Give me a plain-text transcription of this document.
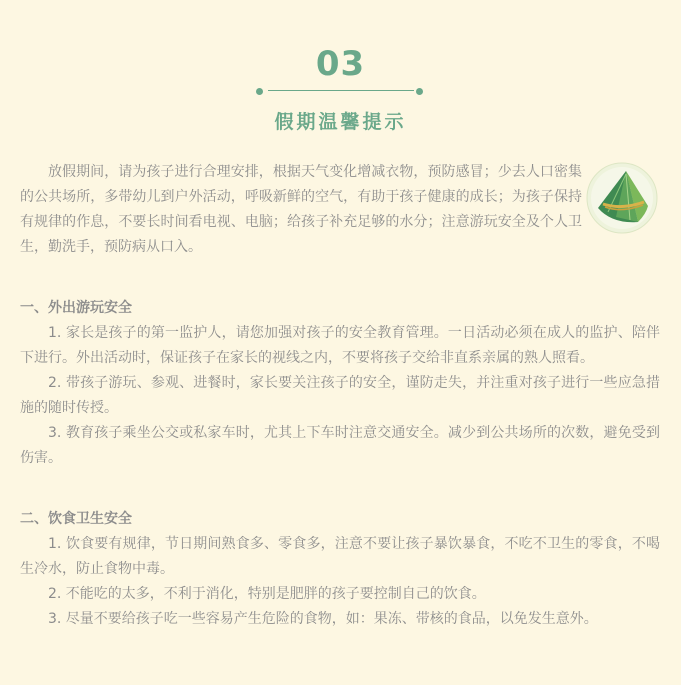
03
假期温馨提示

放假期间，请为孩子进行合理安排，根据天气变化增减衣物，预防感冒；少去人口密集的公共场所，多带幼儿到户外活动，呼吸新鲜的空气，有助于孩子健康的成长；为孩子保持有规律的作息，不要长时间看电视、电脑；给孩子补充足够的水分；注意游玩安全及个人卫生，勤洗手，预防病从口入。

一、外出游玩安全

1. 家长是孩子的第一监护人，请您加强对孩子的安全教育管理。一日活动必须在成人的监护、陪伴下进行。外出活动时，保证孩子在家长的视线之内，不要将孩子交给非直系亲属的熟人照看。

2. 带孩子游玩、参观、进餐时，家长要关注孩子的安全，谨防走失，并注重对孩子进行一些应急措施的随时传授。

3. 教育孩子乘坐公交或私家车时，尤其上下车时注意交通安全。减少到公共场所的次数，避免受到伤害。

二、饮食卫生安全

1. 饮食要有规律，节日期间熟食多、零食多，注意不要让孩子暴饮暴食，不吃不卫生的零食，不喝生冷水，防止食物中毒。

2. 不能吃的太多，不利于消化，特别是肥胖的孩子要控制自己的饮食。

3. 尽量不要给孩子吃一些容易产生危险的食物，如：果冻、带核的食品，以免发生意外。
